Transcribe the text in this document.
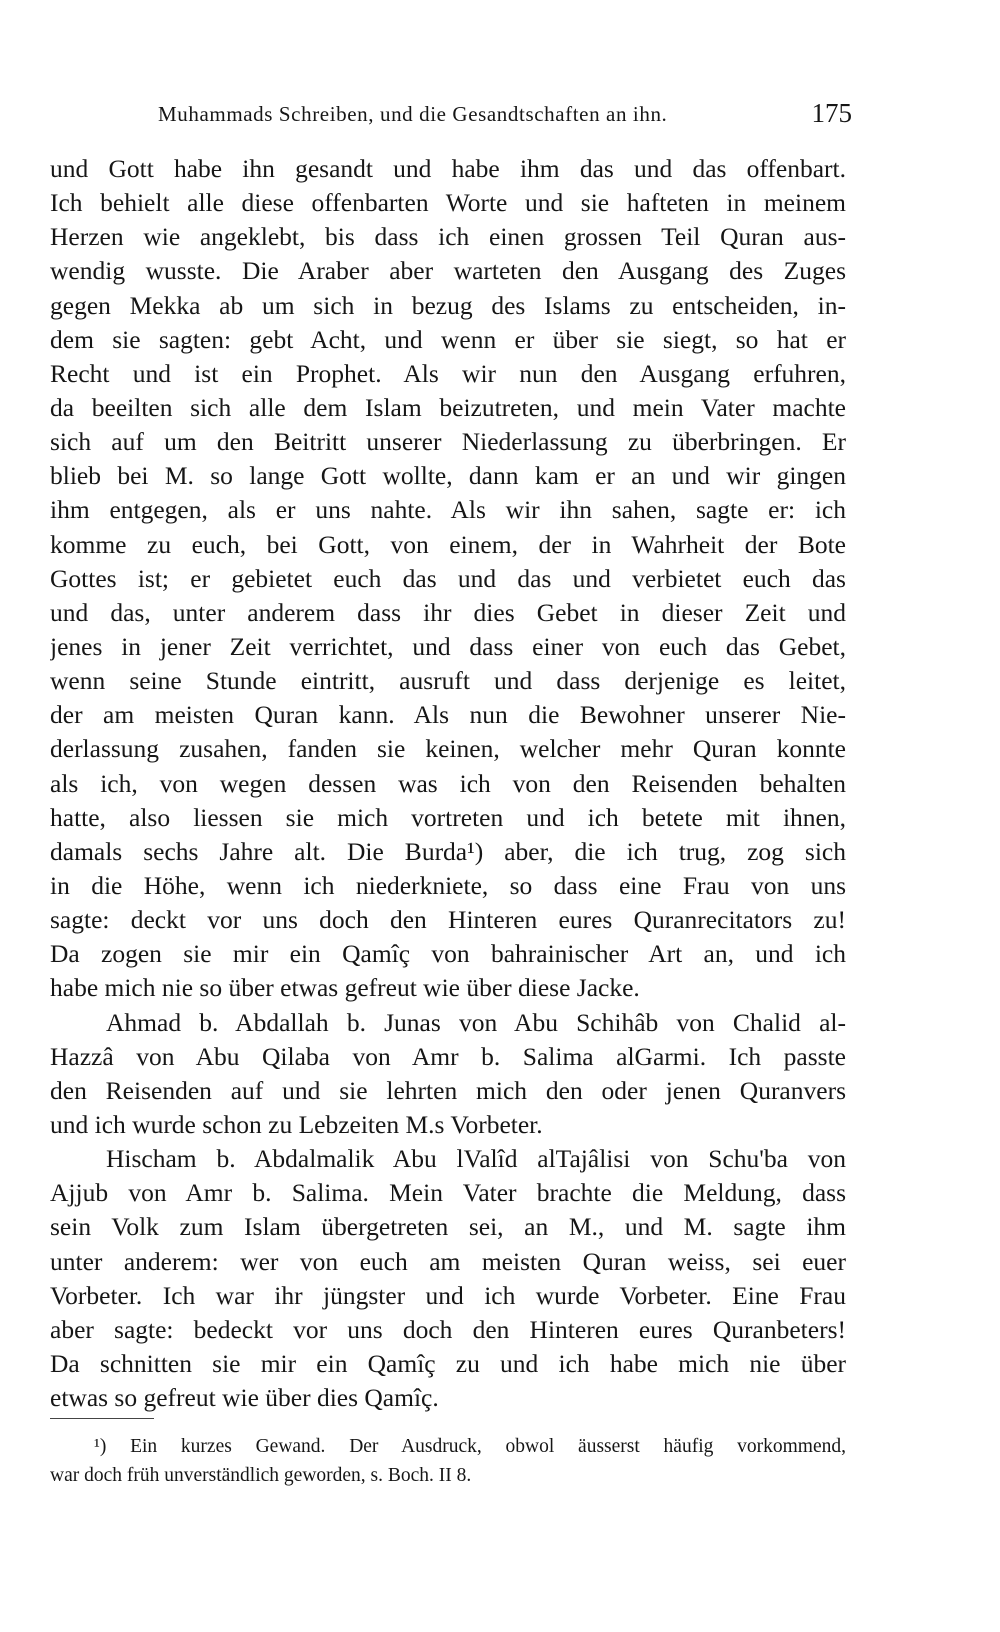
Muhammads Schreiben, und die Gesandtschaften an ihn.	175
und Gott habe ihn gesandt und habe ihm das und das offenbart.
Ich behielt alle diese offenbarten Worte und sie hafteten in meinem
Herzen wie angeklebt, bis dass ich einen grossen Teil Quran aus-
wendig wusste. Die Araber aber warteten den Ausgang des Zuges
gegen Mekka ab um sich in bezug des Islams zu entscheiden, in-
dem sie sagten: gebt Acht, und wenn er über sie siegt, so hat er
Recht und ist ein Prophet. Als wir nun den Ausgang erfuhren,
da beeilten sich alle dem Islam beizutreten, und mein Vater machte
sich auf um den Beitritt unserer Niederlassung zu überbringen. Er
blieb bei M. so lange Gott wollte, dann kam er an und wir gingen
ihm entgegen, als er uns nahte. Als wir ihn sahen, sagte er: ich
komme zu euch, bei Gott, von einem, der in Wahrheit der Bote
Gottes ist; er gebietet euch das und das und verbietet euch das
und das, unter anderem dass ihr dies Gebet in dieser Zeit und
jenes in jener Zeit verrichtet, und dass einer von euch das Gebet,
wenn seine Stunde eintritt, ausruft und dass derjenige es leitet,
der am meisten Quran kann. Als nun die Bewohner unserer Nie-
derlassung zusahen, fanden sie keinen, welcher mehr Quran konnte
als ich, von wegen dessen was ich von den Reisenden behalten
hatte, also liessen sie mich vortreten und ich betete mit ihnen,
damals sechs Jahre alt. Die Burda¹) aber, die ich trug, zog sich
in die Höhe, wenn ich niederkniete, so dass eine Frau von uns
sagte: deckt vor uns doch den Hinteren eures Quranrecitators zu!
Da zogen sie mir ein Qamîç von bahrainischer Art an, und ich
habe mich nie so über etwas gefreut wie über diese Jacke.
Ahmad b. Abdallah b. Junas von Abu Schihâb von Chalid al-
Hazzâ von Abu Qilaba von Amr b. Salima alGarmi. Ich passte
den Reisenden auf und sie lehrten mich den oder jenen Quranvers
und ich wurde schon zu Lebzeiten M.s Vorbeter.
Hischam b. Abdalmalik Abu lValîd alTajâlisi von Schu'ba von
Ajjub von Amr b. Salima. Mein Vater brachte die Meldung, dass
sein Volk zum Islam übergetreten sei, an M., und M. sagte ihm
unter anderem: wer von euch am meisten Quran weiss, sei euer
Vorbeter. Ich war ihr jüngster und ich wurde Vorbeter. Eine Frau
aber sagte: bedeckt vor uns doch den Hinteren eures Quranbeters!
Da schnitten sie mir ein Qamîç zu und ich habe mich nie über
etwas so gefreut wie über dies Qamîç.
¹) Ein kurzes Gewand. Der Ausdruck, obwol äusserst häufig vorkommend,
war doch früh unverständlich geworden, s. Boch. II 8.
